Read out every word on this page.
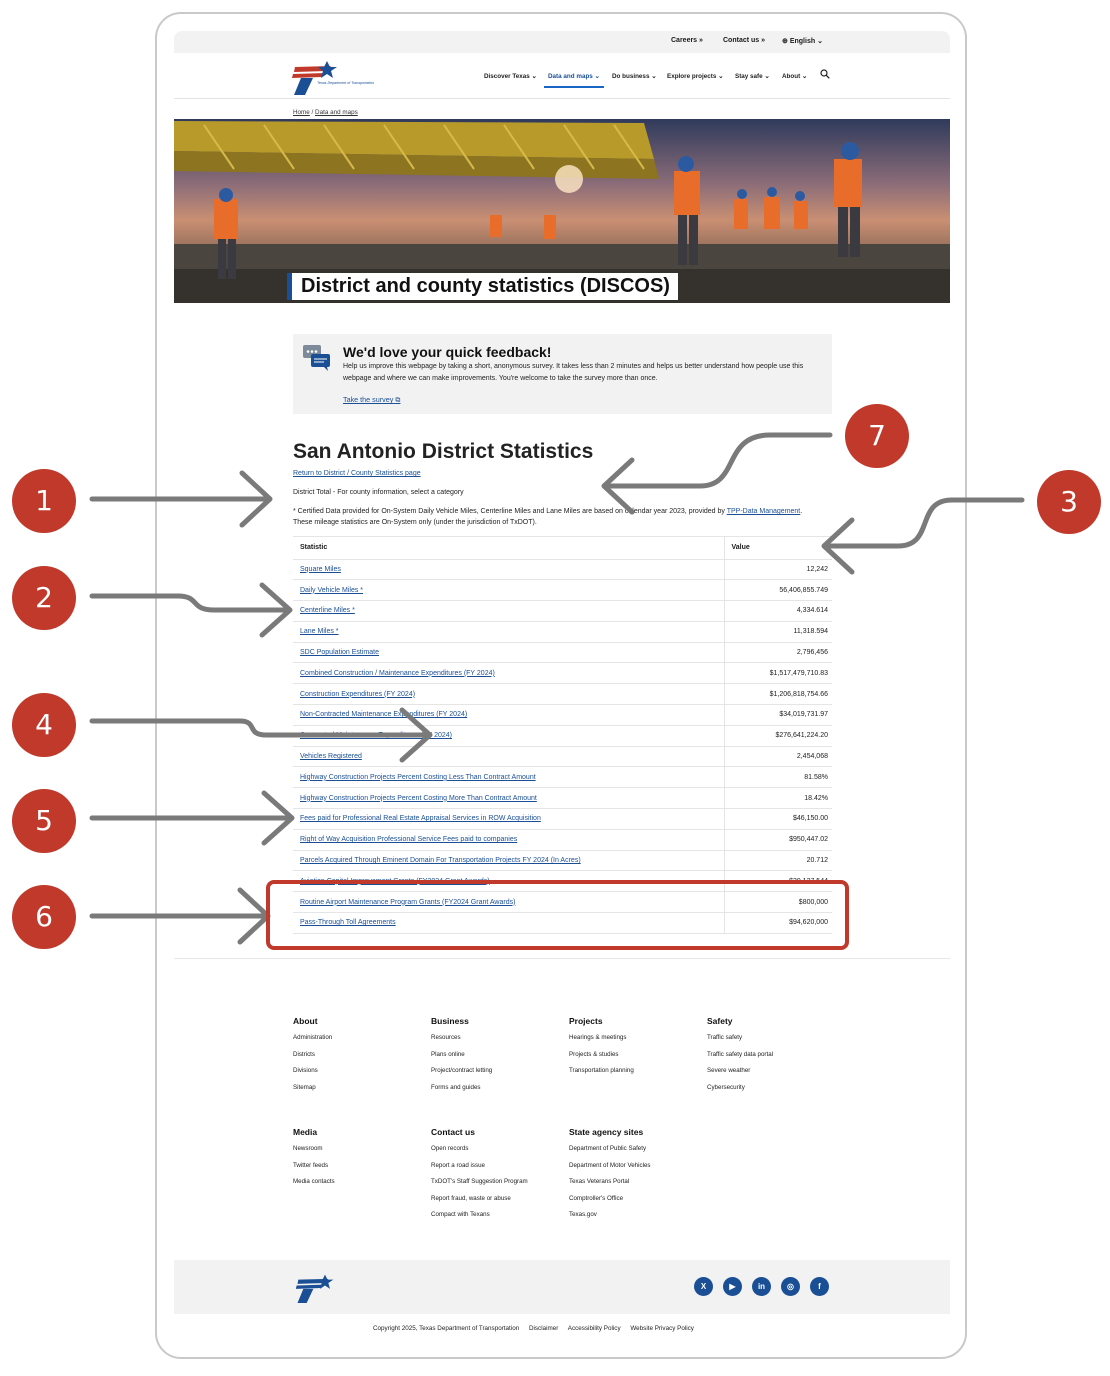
Careers »	Contact us » ⊕ English ⌄
Texas Department of Transportation
Discover Texas ⌄ Data and maps ⌄ Do business ⌄ Explore projects ⌄ Stay safe ⌄ About ⌄
Home / Data and maps
District and county statistics (DISCOS)
We'd love your quick feedback!
Help us improve this webpage by taking a short, anonymous survey. It takes less than 2 minutes and helps us better understand how people use this webpage and where we can make improvements. You're welcome to take the survey more than once.
Take the survey ⧉
San Antonio District Statistics
Return to District / County Statistics page
District Total - For county information, select a category
* Certified Data provided for On-System Daily Vehicle Miles, Centerline Miles and Lane Miles are based on calendar year 2023, provided by TPP-Data Management. These mileage statistics are On-System only (under the jurisdiction of TxDOT).
Statistic	Value
Square Miles	12,242
Daily Vehicle Miles *	56,406,855.749
Centerline Miles *	4,334.614
Lane Miles *	11,318.594
SDC Population Estimate	2,796,456
Combined Construction / Maintenance Expenditures (FY 2024)	$1,517,479,710.83
Construction Expenditures (FY 2024)	$1,206,818,754.66
Non-Contracted Maintenance Expenditures (FY 2024)	$34,019,731.97
Contracted Maintenance Expenditures (FY 2024)	$276,641,224.20
Vehicles Registered	2,454,068
Highway Construction Projects Percent Costing Less Than Contract Amount	81.58%
Highway Construction Projects Percent Costing More Than Contract Amount	18.42%
Fees paid for Professional Real Estate Appraisal Services in ROW Acquisition	$46,150.00
Right of Way Acquisition Professional Service Fees paid to companies	$950,447.02
Parcels Acquired Through Eminent Domain For Transportation Projects FY 2024 (In Acres)	20.712
Aviation Capital Improvement Grants (FY2024 Grant Awards)	$39,127,544
Routine Airport Maintenance Program Grants (FY2024 Grant Awards)	$800,000
Pass-Through Toll Agreements	$94,620,000
About
Administration
Districts
Divisions
Sitemap
Business
Resources
Plans online
Project/contract letting
Forms and guides
Projects
Hearings & meetings
Projects & studies
Transportation planning
Safety
Traffic safety
Traffic safety data portal
Severe weather
Cybersecurity
Media
Newsroom
Twitter feeds
Media contacts
Contact us
Open records
Report a road issue
TxDOT's Staff Suggestion Program
Report fraud, waste or abuse
Compact with Texans
State agency sites
Department of Public Safety
Department of Motor Vehicles
Texas Veterans Portal
Comptroller's Office
Texas.gov
X	▶	in	◎	f
Copyright 2025, Texas Department of Transportation Disclaimer Accessibility Policy Website Privacy Policy
1
2
3
4
5
6
7
